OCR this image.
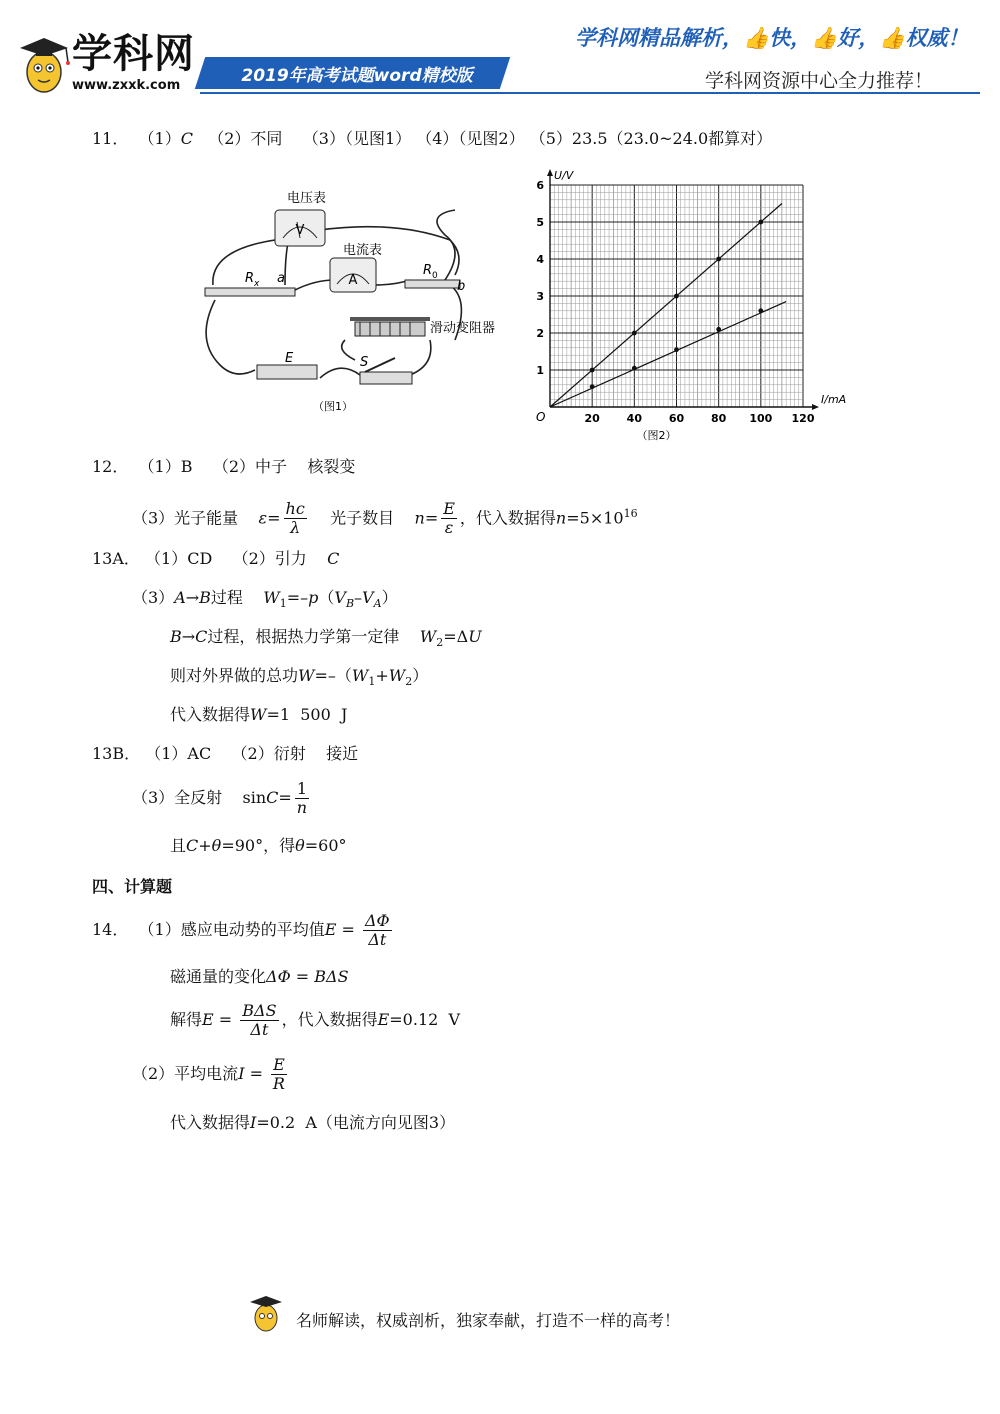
学科网
www.zxxk.com	2019年高考试题word精校版
学科网精品解析，👍快，👍好，👍权威！
学科网资源中心全力推荐！
11． （1）C （2）不同 （3）（见图1） （4）（见图2） （5）23.5（23.0~24.0都算对）
V
电压表
A
电流表
R x a
R 0
b
滑动变阻器
E	S
（图1）
20 40 60 80 100 120
1
2
3
4
5
6
U/V
I/mA
O
（图2）
12． （1）B （2）中子 核裂变
（3）光子能量 $\varepsilon= \frac{hc}{\lambda}$ 光子数目 $n= \frac{E}{\varepsilon}$ ，代入数据得$n=5\times 10^{16}$
13A． （1）CD （2）引力 C
（3）A→B过程 $W_1=-p(V_B-V_A)$
B→C过程，根据热力学第一定律 $W_2=\Delta U$
则对外界做的总功$W=-(W_1+W_2)$
代入数据得W=1  500  J
13B． （1）AC （2）衍射 接近
（3）全反射 $\sin C= \frac{1}{n}$
且C+θ=90°，得θ=60°
四、计算题
14． （1）感应电动势的平均值$E = \frac{\Delta\Phi}{\Delta t}$
磁通量的变化ΔΦ = BΔS
解得$E = \frac{\text{BΔS}}{\Delta t}$ ，代入数据得E=0.12  V
（2）平均电流$I = \frac{E}{R}$
代入数据得I=0.2  A（电流方向见图3）
名师解读，权威剖析，独家奉献，打造不一样的高考！
